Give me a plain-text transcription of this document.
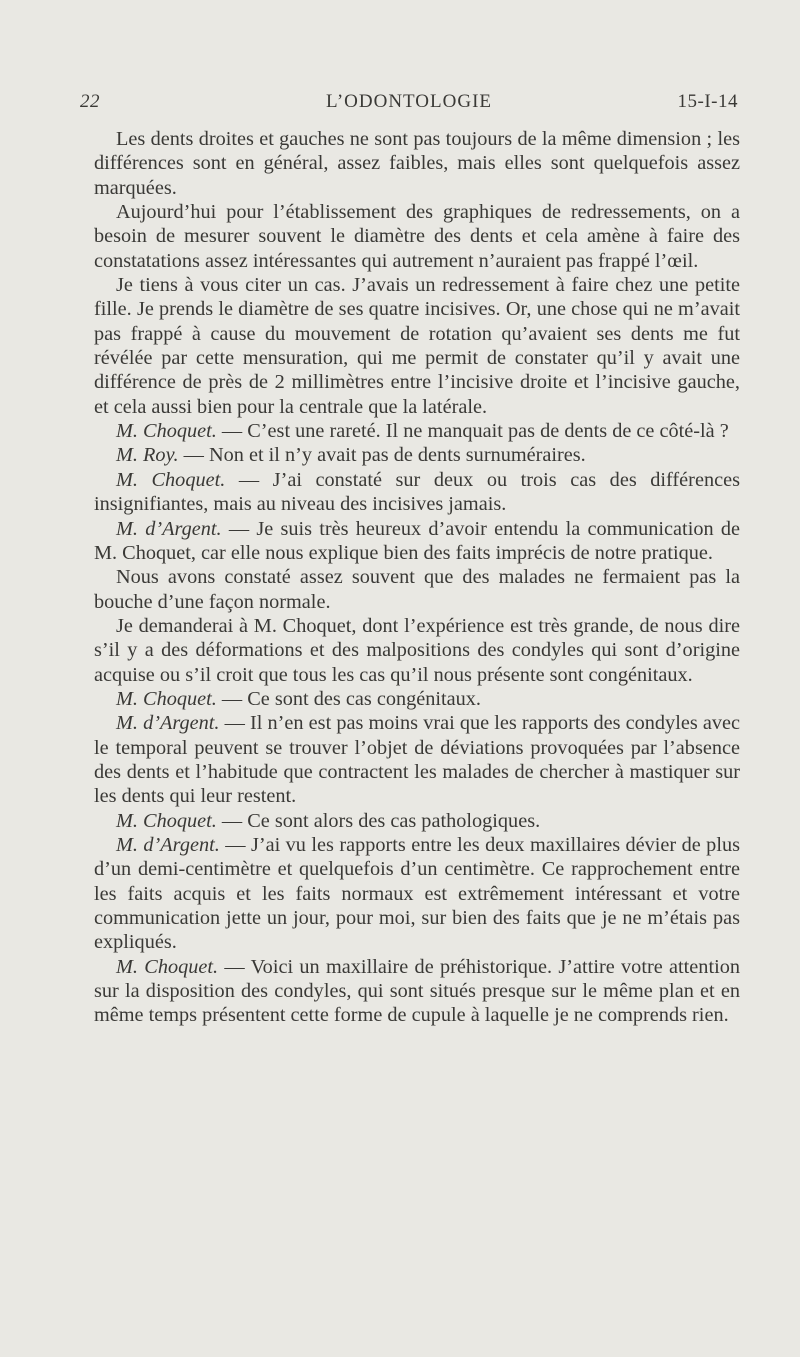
22	L’ODONTOLOGIE	15-I-14

Les dents droites et gauches ne sont pas toujours de la même dimension ; les différences sont en général, assez faibles, mais elles sont quelquefois assez marquées.

Aujourd’hui pour l’établissement des graphiques de redressements, on a besoin de mesurer souvent le diamètre des dents et cela amène à faire des constatations assez intéressantes qui autrement n’auraient pas frappé l’œil.

Je tiens à vous citer un cas. J’avais un redressement à faire chez une petite fille. Je prends le diamètre de ses quatre incisives. Or, une chose qui ne m’avait pas frappé à cause du mouvement de rotation qu’avaient ses dents me fut révélée par cette mensuration, qui me permit de constater qu’il y avait une différence de près de 2 millimètres entre l’incisive droite et l’incisive gauche, et cela aussi bien pour la centrale que la latérale.

M. Choquet. — C’est une rareté. Il ne manquait pas de dents de ce côté-là ?

M. Roy. — Non et il n’y avait pas de dents surnuméraires.

M. Choquet. — J’ai constaté sur deux ou trois cas des différences insignifiantes, mais au niveau des incisives jamais.

M. d’Argent. — Je suis très heureux d’avoir entendu la communication de M. Choquet, car elle nous explique bien des faits imprécis de notre pratique.

Nous avons constaté assez souvent que des malades ne fermaient pas la bouche d’une façon normale.

Je demanderai à M. Choquet, dont l’expérience est très grande, de nous dire s’il y a des déformations et des malpositions des condyles qui sont d’origine acquise ou s’il croit que tous les cas qu’il nous présente sont congénitaux.

M. Choquet. — Ce sont des cas congénitaux.

M. d’Argent. — Il n’en est pas moins vrai que les rapports des condyles avec le temporal peuvent se trouver l’objet de déviations provoquées par l’absence des dents et l’habitude que contractent les malades de chercher à mastiquer sur les dents qui leur restent.

M. Choquet. — Ce sont alors des cas pathologiques.

M. d’Argent. — J’ai vu les rapports entre les deux maxillaires dévier de plus d’un demi-centimètre et quelquefois d’un centimètre. Ce rapprochement entre les faits acquis et les faits normaux est extrêmement intéressant et votre communication jette un jour, pour moi, sur bien des faits que je ne m’étais pas expliqués.

M. Choquet. — Voici un maxillaire de préhistorique. J’attire votre attention sur la disposition des condyles, qui sont situés presque sur le même plan et en même temps présentent cette forme de cupule à laquelle je ne comprends rien.
